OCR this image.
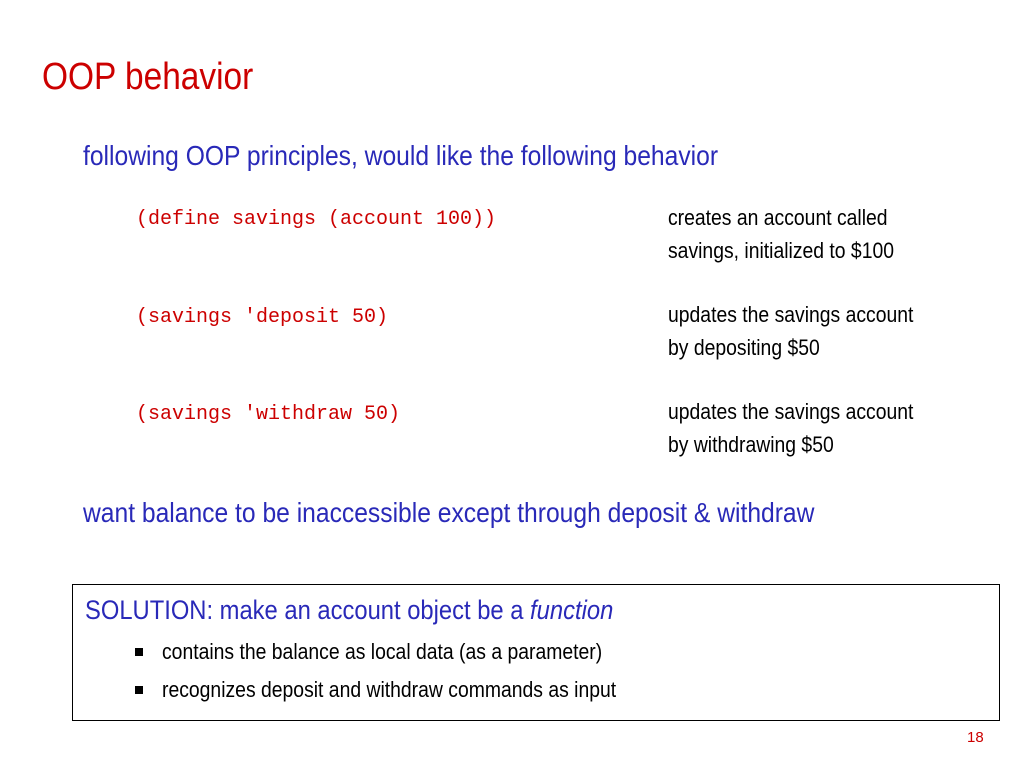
OOP behavior

following OOP principles, would like the following behavior

(define savings (account 100))	creates an account called
savings, initialized to $100

(savings 'deposit 50)	updates the savings account
by depositing $50

(savings 'withdraw 50)	updates the savings account
by withdrawing $50

want balance to be inaccessible except through deposit & withdraw

SOLUTION: make an account object be a function

contains the balance as local data (as a parameter)
recognizes deposit and withdraw commands as input
18
